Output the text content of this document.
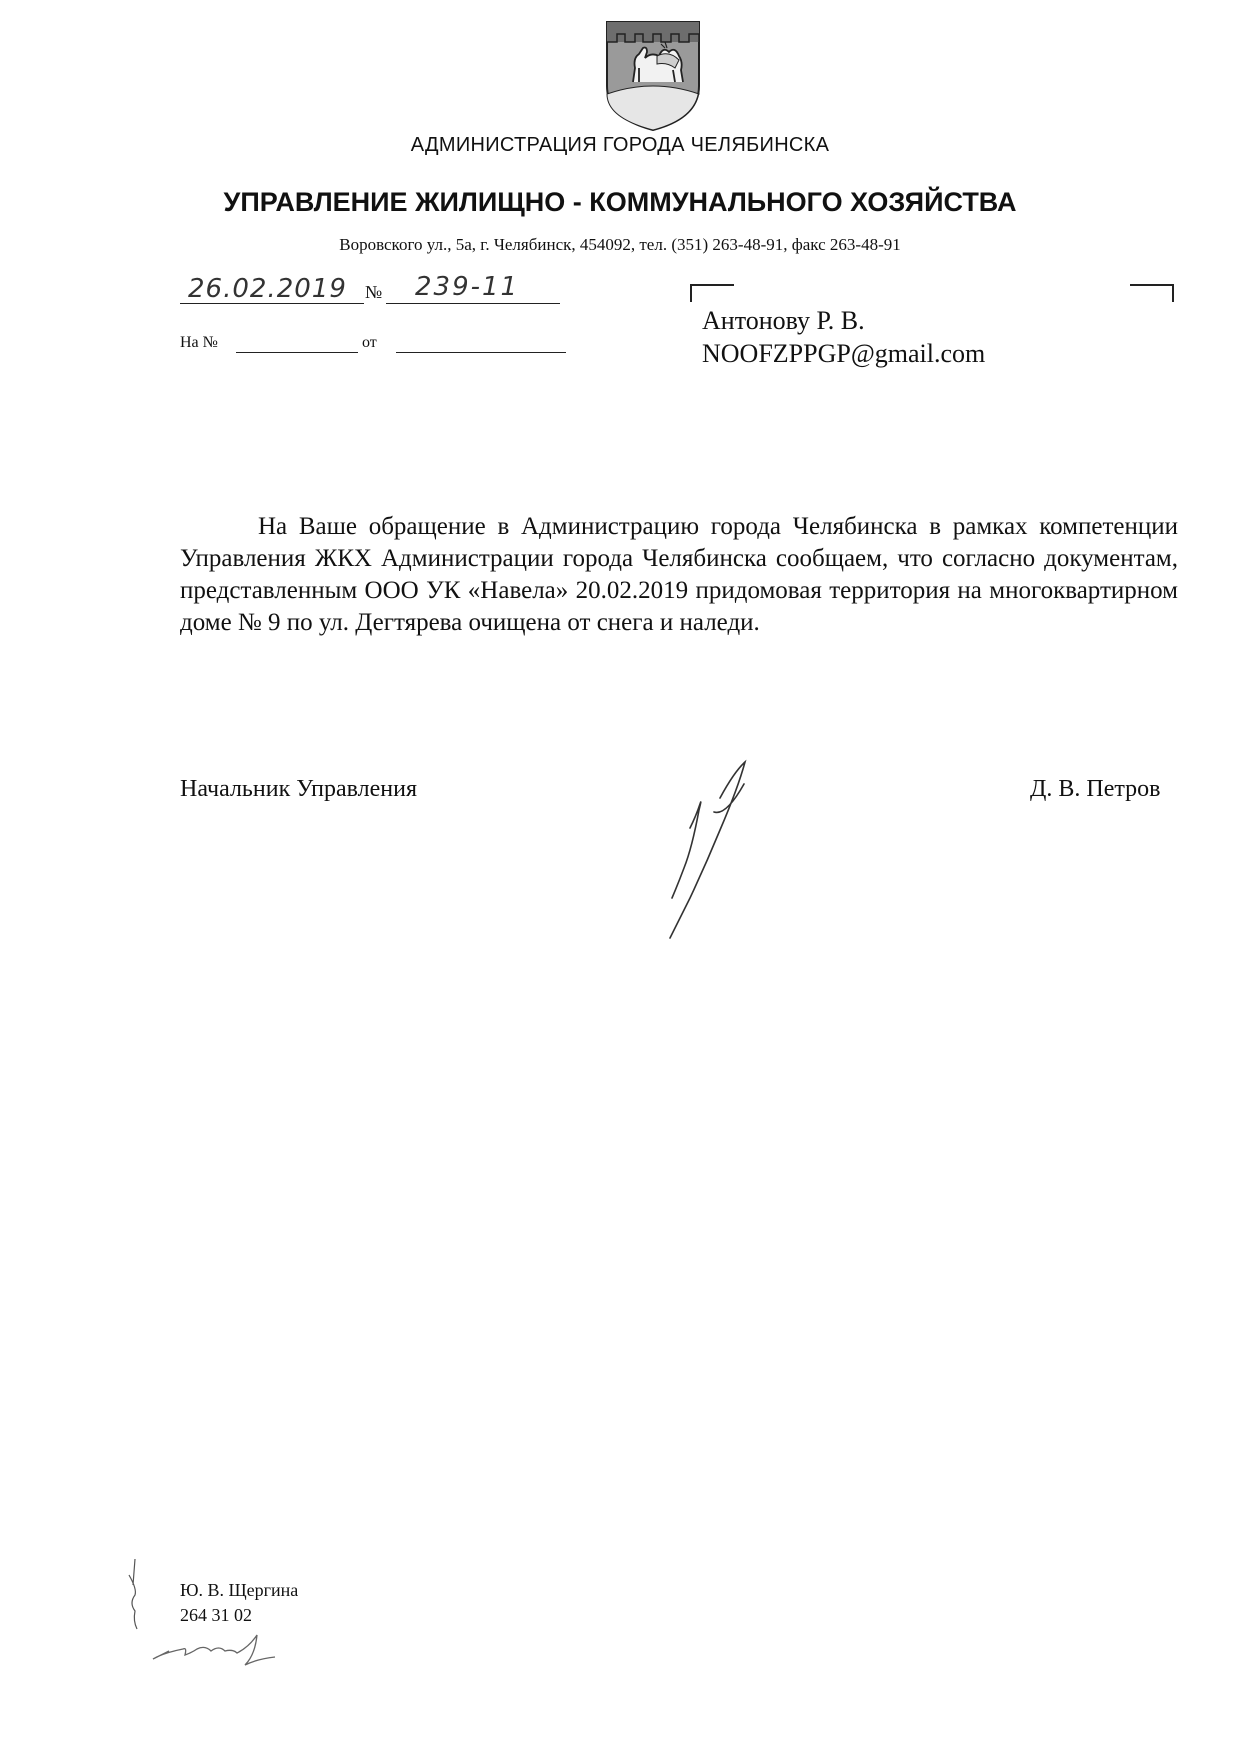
АДМИНИСТРАЦИЯ ГОРОДА ЧЕЛЯБИНСКА
УПРАВЛЕНИЕ ЖИЛИЩНО - КОММУНАЛЬНОГО ХОЗЯЙСТВА
Воровского ул., 5а, г. Челябинск, 454092, тел. (351) 263-48-91, факс 263-48-91
26.02.2019 № 239-11
На №	от
Антонову Р. В.
NOOFZPPGP@gmail.com

На Ваше обращение в Администрацию города Челябинска в рамках компетенции Управления ЖКХ Администрации города Челябинска сообщаем, что согласно документам, представленным ООО УК «Навела» 20.02.2019 придомовая территория на многоквартирном доме № 9 по ул. Дегтярева очищена от снега и наледи.

Начальник Управления	Д. В. Петров
Ю. В. Щергина
264 31 02
